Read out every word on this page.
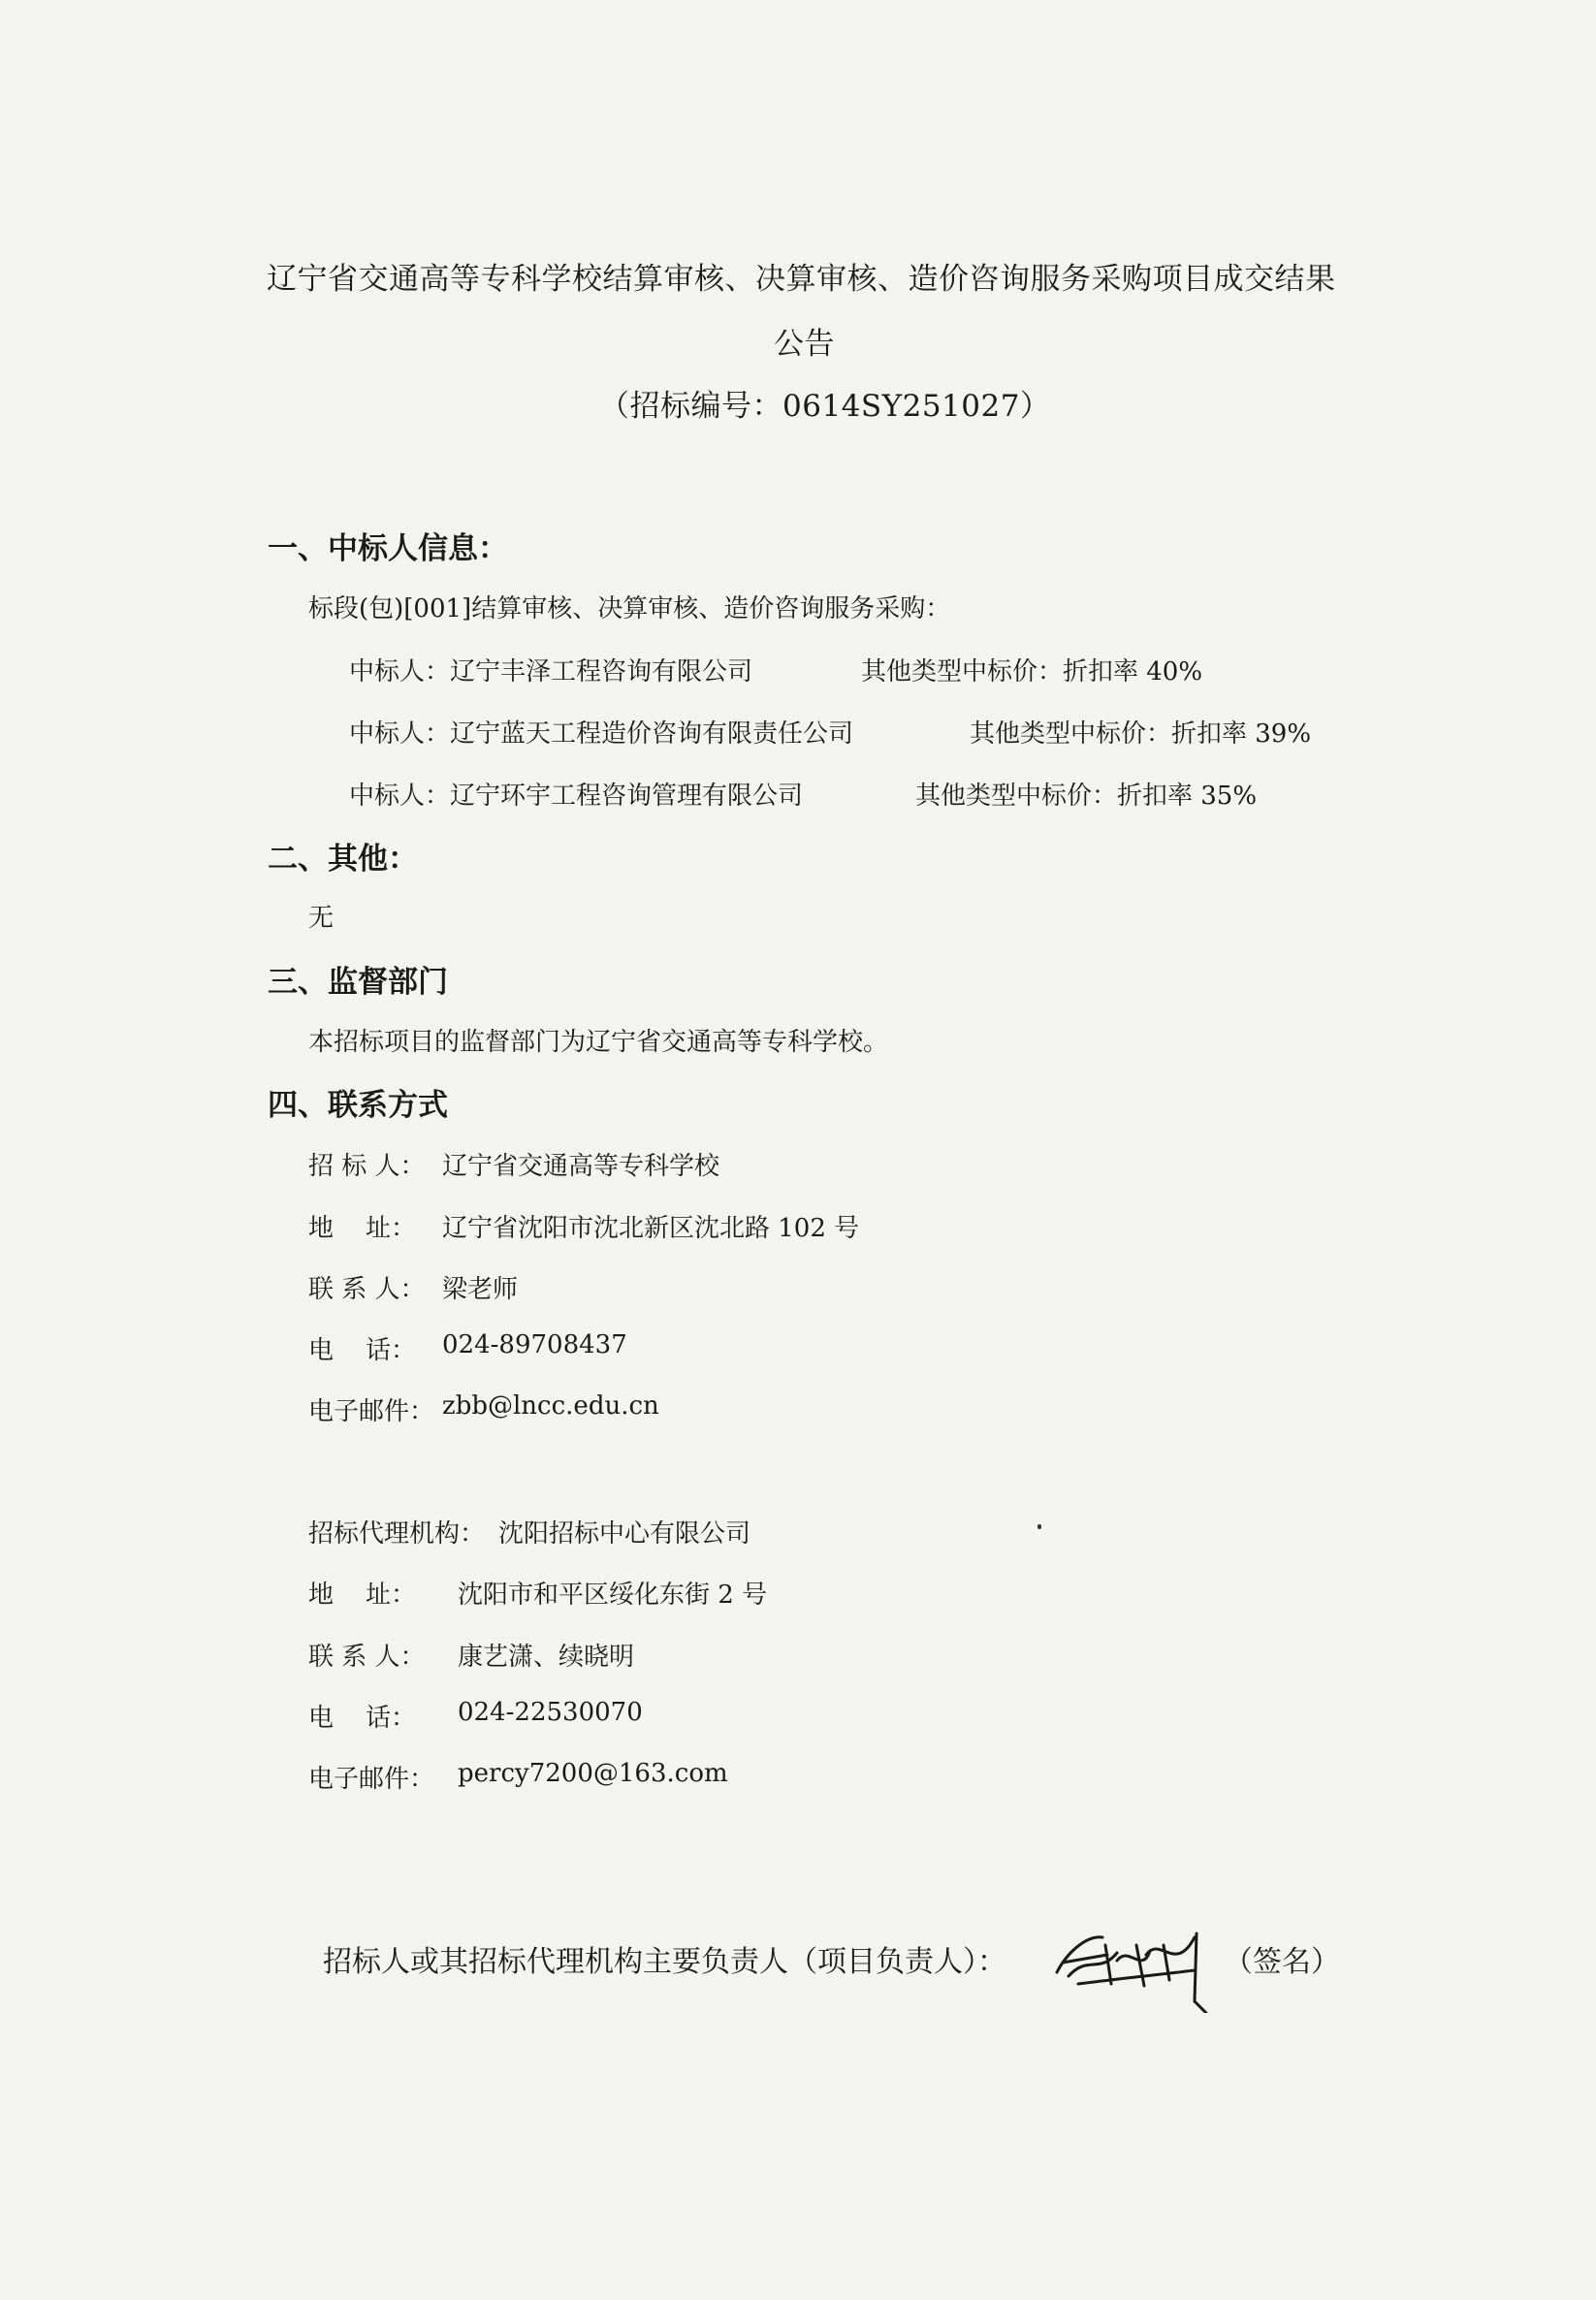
辽宁省交通高等专科学校结算审核、决算审核、造价咨询服务采购项目成交结果
公告
（招标编号：0614SY251027）
一、中标人信息：
标段(包)[001]结算审核、决算审核、造价咨询服务采购：
中标人：辽宁丰泽工程咨询有限公司	其他类型中标价：折扣率 40%
中标人：辽宁蓝天工程造价咨询有限责任公司	其他类型中标价：折扣率 39%
中标人：辽宁环宇工程咨询管理有限公司	其他类型中标价：折扣率 35%
二、其他：
无
三、监督部门
本招标项目的监督部门为辽宁省交通高等专科学校。
四、联系方式
招 标 人： 辽宁省交通高等专科学校
地    址： 辽宁省沈阳市沈北新区沈北路 102 号
联 系 人： 梁老师
电    话： 024-89708437
电子邮件： zbb@lncc.edu.cn
招标代理机构： 沈阳招标中心有限公司
地    址： 沈阳市和平区绥化东街 2 号
联 系 人： 康艺潇、续晓明
电    话： 024-22530070
电子邮件： percy7200@163.com
招标人或其招标代理机构主要负责人（项目负责人）：	（签名）
